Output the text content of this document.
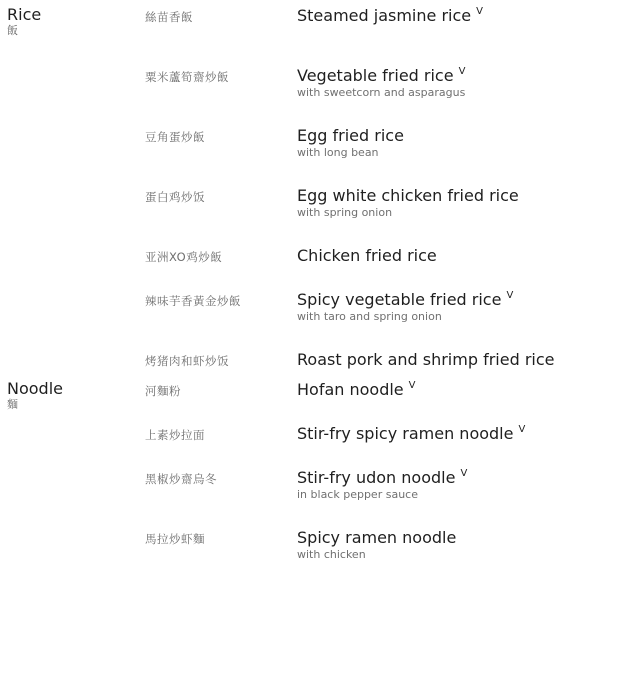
Rice
飯
絲苗香飯	Steamed jasmine rice $^V$
粟米蘆筍齋炒飯	Vegetable fried rice $^V$
with sweetcorn and asparagus
豆角蛋炒飯	Egg fried rice
with long bean
蛋白鸡炒饭	Egg white chicken fried rice
with spring onion
亚洲XO鸡炒飯	Chicken fried rice
辣味芋香黃金炒飯	Spicy vegetable fried rice $^V$
with taro and spring onion
烤猪肉和虾炒饭	Roast pork and shrimp fried rice
Noodle
麵
河麵粉	Hofan noodle $^V$
上素炒拉面	Stir-fry spicy ramen noodle $^V$
黑椒炒齋烏冬	Stir-fry udon noodle $^V$
in black pepper sauce
馬拉炒虾麵	Spicy ramen noodle
with chicken
